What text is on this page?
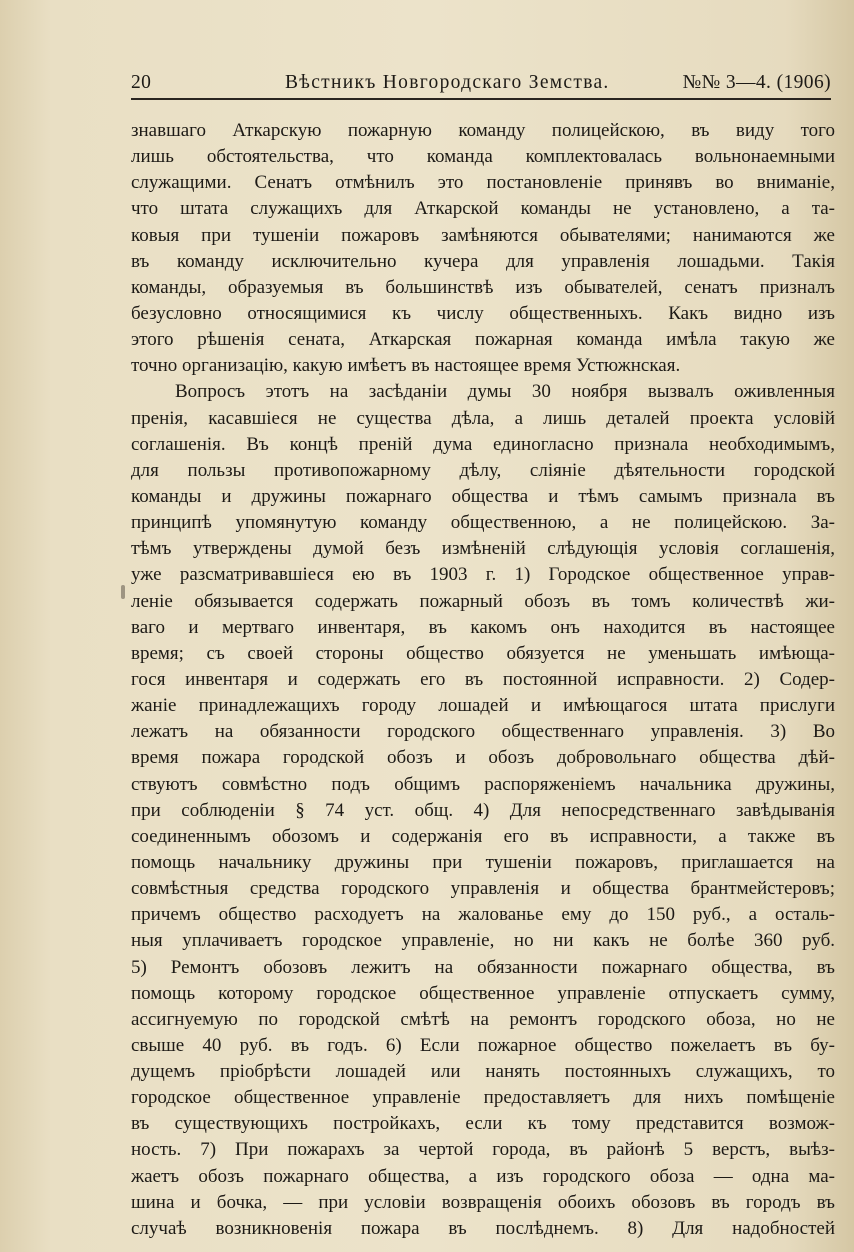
20	Вѣстникъ Новгородскаго Земства.	№№ 3—4. (1906)
знавшаго Аткарскую пожарную команду полицейскою, въ виду того
лишь обстоятельства, что команда комплектовалась вольнонаемными
служащими. Сенатъ отмѣнилъ это постановленіе принявъ во вниманіе,
что штата служащихъ для Аткарской команды не установлено, а та-
ковыя при тушеніи пожаровъ замѣняются обывателями; нанимаются же
въ команду исключительно кучера для управленія лошадьми. Такія
команды, образуемыя въ большинствѣ изъ обывателей, сенатъ призналъ
безусловно относящимися къ числу общественныхъ. Какъ видно изъ
этого рѣшенія сената, Аткарская пожарная команда имѣла такую же
точно организацію, какую имѣетъ въ настоящее время Устюжнская.
Вопросъ этотъ на засѣданіи думы 30 ноября вызвалъ оживленныя
пренія, касавшіеся не существа дѣла, а лишь деталей проекта условій
соглашенія. Въ концѣ преній дума единогласно признала необходимымъ,
для пользы противопожарному дѣлу, сліяніе дѣятельности городской
команды и дружины пожарнаго общества и тѣмъ самымъ признала въ
принципѣ упомянутую команду общественною, а не полицейскою. За-
тѣмъ утверждены думой безъ измѣненій слѣдующія условія соглашенія,
уже разсматривавшіеся ею въ 1903 г. 1) Городское общественное управ-
леніе обязывается содержать пожарный обозъ въ томъ количествѣ жи-
ваго и мертваго инвентаря, въ какомъ онъ находится въ настоящее
время; съ своей стороны общество обязуется не уменьшать имѣюща-
гося инвентаря и содержать его въ постоянной исправности. 2) Содер-
жаніе принадлежащихъ городу лошадей и имѣющагося штата прислуги
лежатъ на обязанности городского общественнаго управленія. 3) Во
время пожара городской обозъ и обозъ добровольнаго общества дѣй-
ствуютъ совмѣстно подъ общимъ распоряженіемъ начальника дружины,
при соблюденіи § 74 уст. общ. 4) Для непосредственнаго завѣдыванія
соединеннымъ обозомъ и содержанія его въ исправности, а также въ
помощь начальнику дружины при тушеніи пожаровъ, приглашается на
совмѣстныя средства городского управленія и общества брантмейстеровъ;
причемъ общество расходуетъ на жалованье ему до 150 руб., а осталь-
ныя уплачиваетъ городское управленіе, но ни какъ не болѣе 360 руб.
5) Ремонтъ обозовъ лежитъ на обязанности пожарнаго общества, въ
помощь которому городское общественное управленіе отпускаетъ сумму,
ассигнуемую по городской смѣтѣ на ремонтъ городского обоза, но не
свыше 40 руб. въ годъ. 6) Если пожарное общество пожелаетъ въ бу-
дущемъ пріобрѣсти лошадей или нанять постоянныхъ служащихъ, то
городское общественное управленіе предоставляетъ для нихъ помѣщеніе
въ существующихъ постройкахъ, если къ тому представится возмож-
ность. 7) При пожарахъ за чертой города, въ районѣ 5 верстъ, выѣз-
жаетъ обозъ пожарнаго общества, а изъ городского обоза — одна ма-
шина и бочка, — при условіи возвращенія обоихъ обозовъ въ городъ въ
случаѣ возникновенія пожара въ послѣднемъ. 8) Для надобностей
